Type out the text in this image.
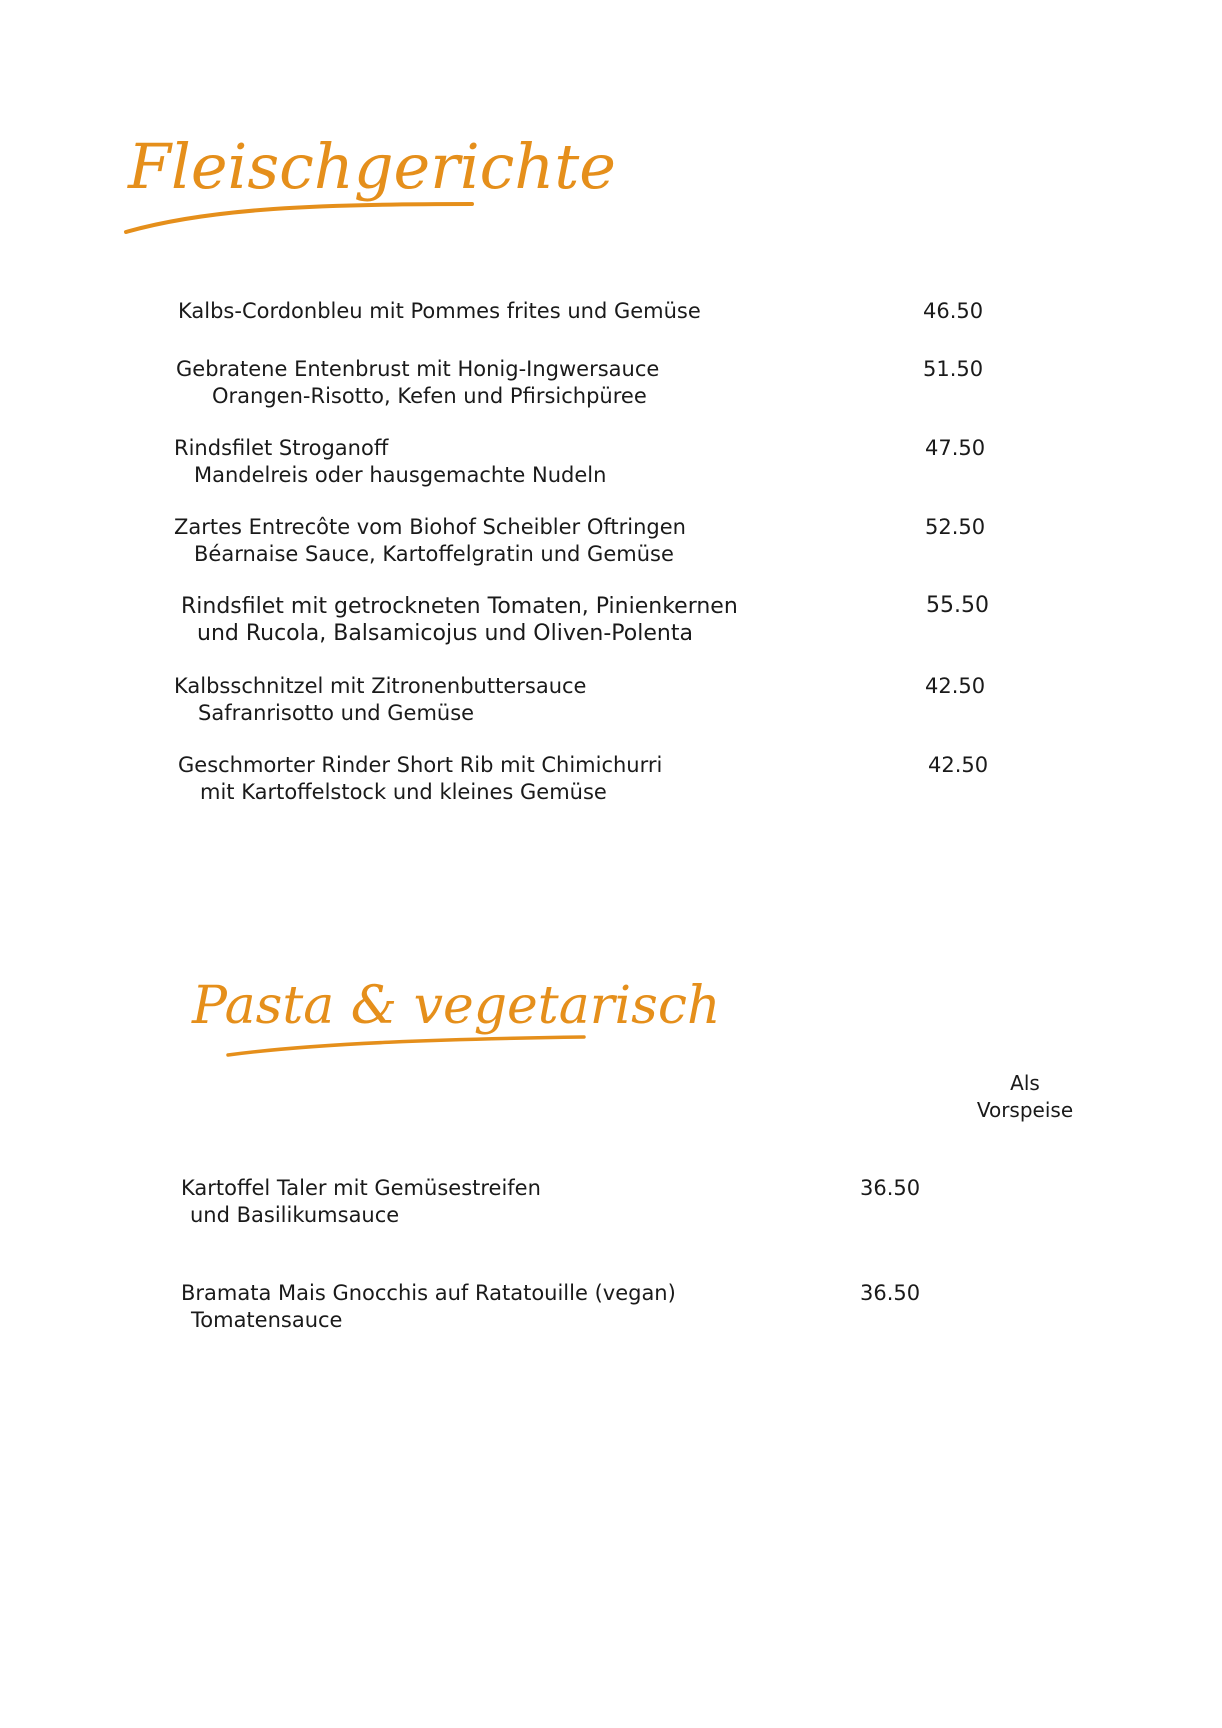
Fleischgerichte
Kalbs-Cordonbleu mit Pommes frites und Gemüse	46.50
Gebratene Entenbrust mit Honig-Ingwersauce
Orangen-Risotto, Kefen und Pfirsichpüree
51.50
Rindsfilet Stroganoff
Mandelreis oder hausgemachte Nudeln
47.50
Zartes Entrecôte vom Biohof Scheibler Oftringen
Béarnaise Sauce, Kartoffelgratin und Gemüse
52.50
Rindsfilet mit getrockneten Tomaten, Pinienkernen
und Rucola, Balsamicojus und Oliven-Polenta
55.50
Kalbsschnitzel mit Zitronenbuttersauce
Safranrisotto und Gemüse
42.50
Geschmorter Rinder Short Rib mit Chimichurri
mit Kartoffelstock und kleines Gemüse
42.50
Pasta & vegetarisch
Als
Vorspeise
Kartoffel Taler mit Gemüsestreifen
und Basilikumsauce
36.50
Bramata Mais Gnocchis auf Ratatouille (vegan)
Tomatensauce
36.50
